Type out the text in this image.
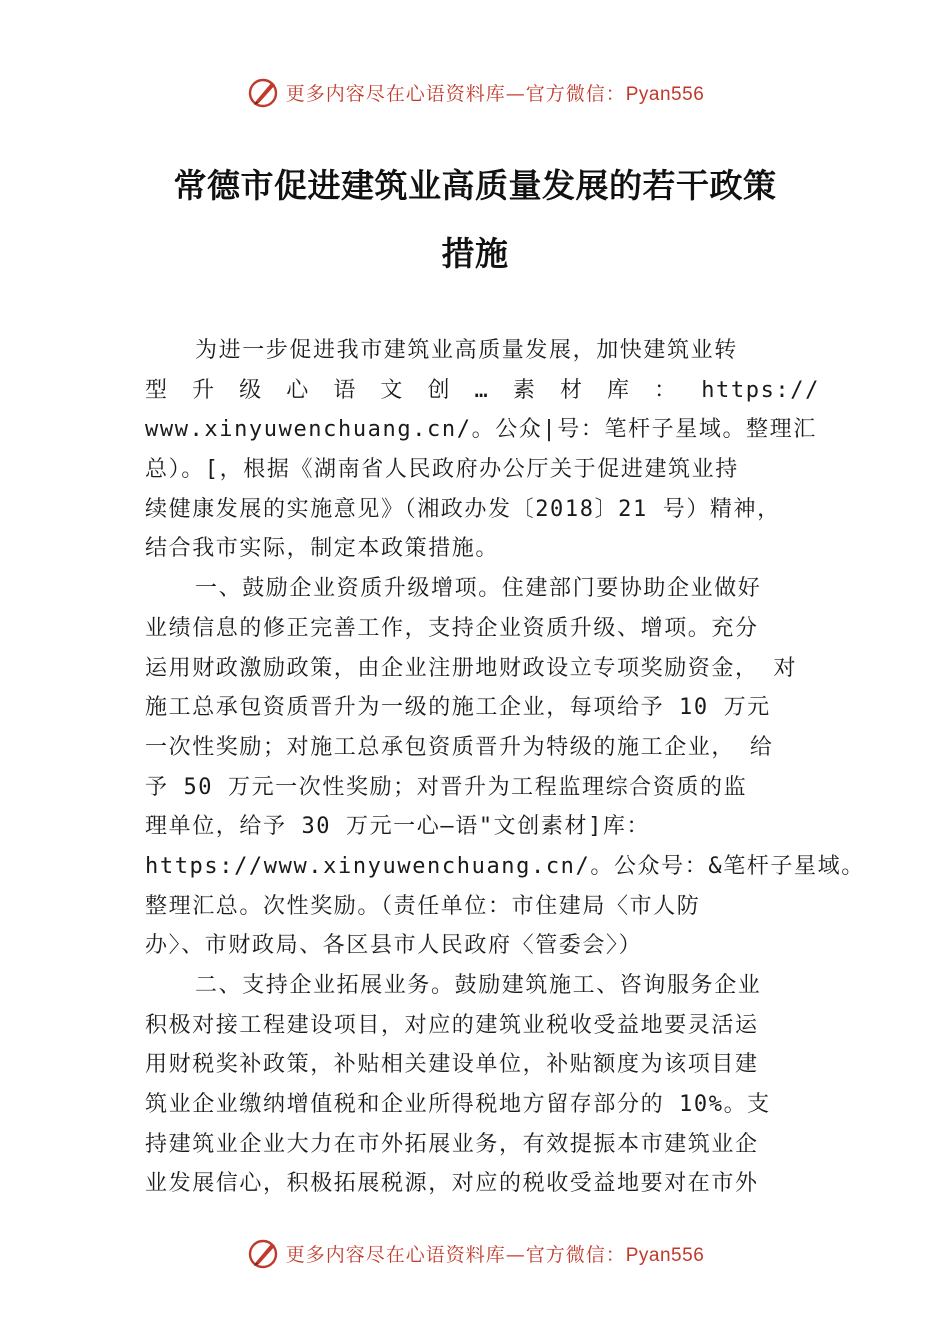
更多内容尽在心语资料库—官方微信：Pyan556
常德市促进建筑业高质量发展的若干政策
措施
为进一步促进我市建筑业高质量发展，加快建筑业转
型 升 级 心 语 文 创 … 素 材 库 ： https://
www.xinyuwenchuang.cn/。公众|号：笔杆子星域。整理汇
总）。[，根据《湖南省人民政府办公厅关于促进建筑业持
续健康发展的实施意见》（湘政办发〔2018〕21 号）精神，
结合我市实际，制定本政策措施。
一、鼓励企业资质升级增项。住建部门要协助企业做好
业绩信息的修正完善工作，支持企业资质升级、增项。充分
运用财政激励政策，由企业注册地财政设立专项奖励资金， 对
施工总承包资质晋升为一级的施工企业，每项给予 10 万元
一次性奖励；对施工总承包资质晋升为特级的施工企业， 给
予 50 万元一次性奖励；对晋升为工程监理综合资质的监
理单位，给予 30 万元一心—语"文创素材]库：
https://www.xinyuwenchuang.cn/。公众号：&笔杆子星域。
整理汇总。次性奖励。（责任单位：市住建局〈市人防
办〉、市财政局、各区县市人民政府〈管委会〉）
二、支持企业拓展业务。鼓励建筑施工、咨询服务企业
积极对接工程建设项目，对应的建筑业税收受益地要灵活运
用财税奖补政策，补贴相关建设单位，补贴额度为该项目建
筑业企业缴纳增值税和企业所得税地方留存部分的 10%。支
持建筑业企业大力在市外拓展业务，有效提振本市建筑业企
业发展信心，积极拓展税源，对应的税收受益地要对在市外
更多内容尽在心语资料库—官方微信：Pyan556
